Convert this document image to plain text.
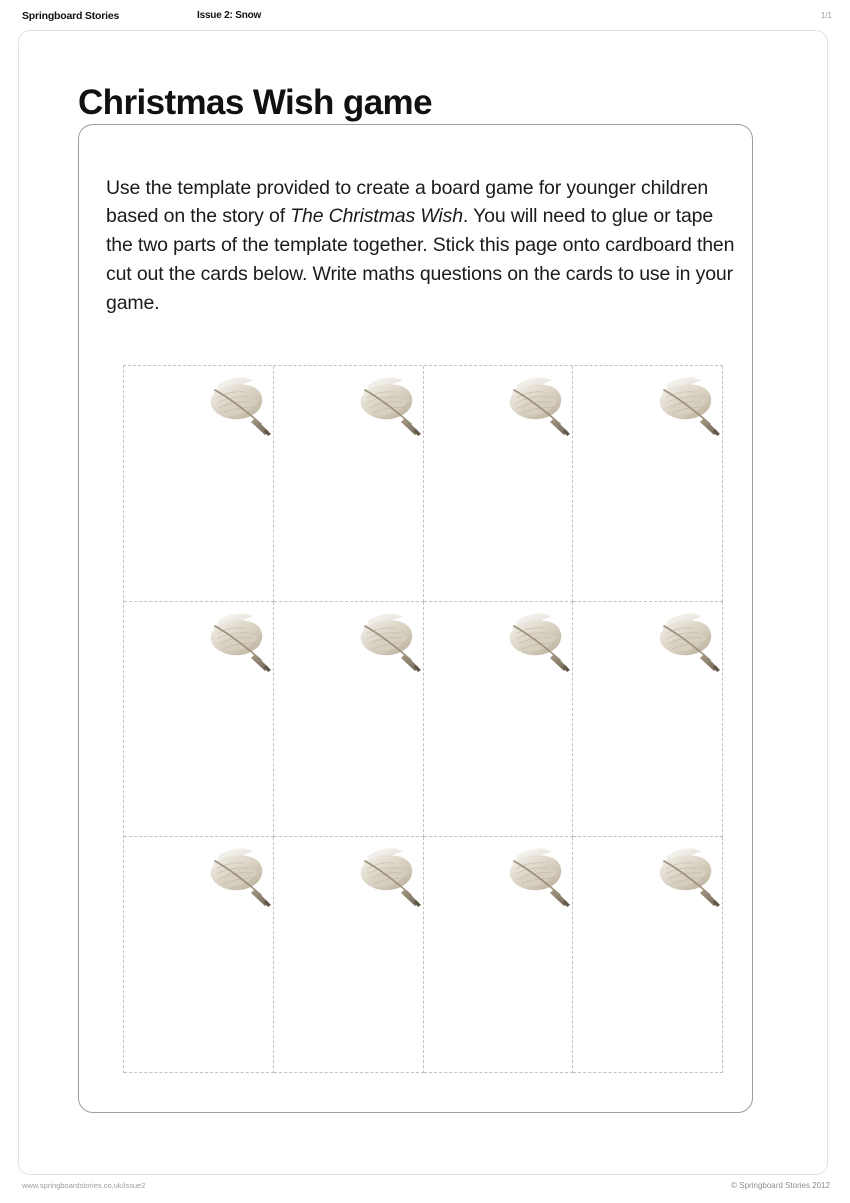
Springboard Stories	Issue 2: Snow	1/1
Christmas Wish game

Use the template provided to create a board game for younger children based on the story of The Christmas Wish. You will need to glue or tape the two parts of the template together. Stick this page onto cardboard then cut out the cards below. Write maths questions on the cards to use in your game.

www.springboardstories.co.uk/issue2	© Springboard Stories 2012
